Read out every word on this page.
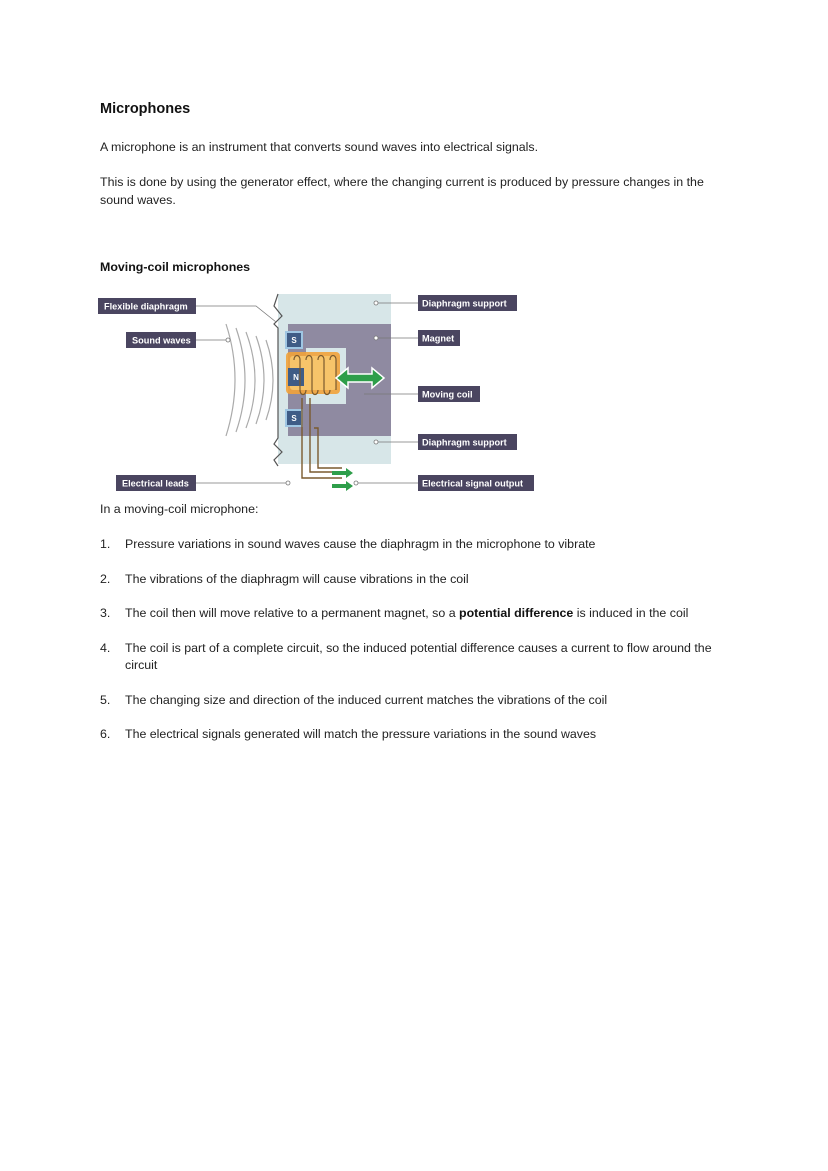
Microphones

A microphone is an instrument that converts sound waves into electrical signals.

This is done by using the generator effect, where the changing current is produced by pressure changes in the sound waves.

Moving-coil microphones
N
S
S
Flexible diaphragm
Sound waves
Electrical leads
Diaphragm support
Magnet
Moving coil
Diaphragm support
Electrical signal output

In a moving-coil microphone:

1. Pressure variations in sound waves cause the diaphragm in the microphone to vibrate
2. The vibrations of the diaphragm will cause vibrations in the coil
3. The coil then will move relative to a permanent magnet, so a potential difference is induced in the coil
4. The coil is part of a complete circuit, so the induced potential difference causes a current to flow around the circuit
5. The changing size and direction of the induced current matches the vibrations of the coil
6. The electrical signals generated will match the pressure variations in the sound waves
